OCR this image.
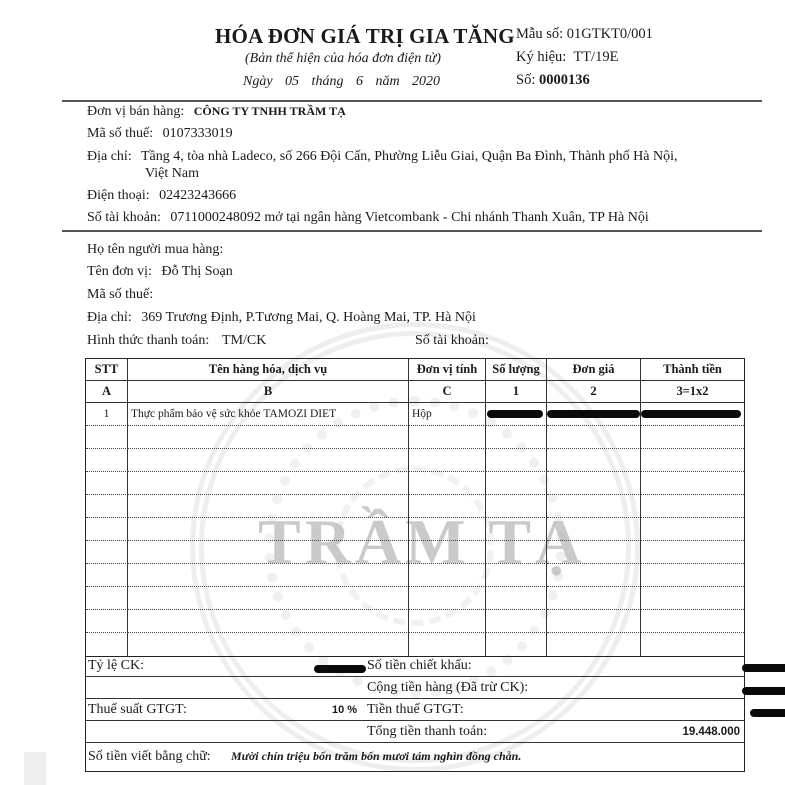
TRẦM TẠ
HÓA ĐƠN GIÁ TRỊ GIA TĂNG
(Bản thể hiện của hóa đơn điện tử)
Ngày 05 tháng 6 năm 2020
Mẫu số: 01GTKT0/001
Ký hiệu: TT/19E
Số: 0000136
Đơn vị bán hàng: CÔNG TY TNHH TRẦM TẠ
Mã số thuế: 0107333019
Địa chỉ: Tầng 4, tòa nhà Ladeco, số 266 Đội Cấn, Phường Liễu Giai, Quận Ba Đình, Thành phố Hà Nội,
Việt Nam
Điện thoại: 02423243666
Số tài khoản: 0711000248092 mở tại ngân hàng Vietcombank - Chi nhánh Thanh Xuân, TP Hà Nội
Họ tên người mua hàng:
Tên đơn vị: Đỗ Thị Soạn
Mã số thuế:
Địa chỉ: 369 Trương Định, P.Tương Mai, Q. Hoàng Mai, TP. Hà Nội
Hình thức thanh toán: TM/CK	Số tài khoản:
STT	Tên hàng hóa, dịch vụ	Đơn vị tính	Số lượng	Đơn giá	Thành tiền
A	B	C	1	2	3=1x2
1	Thực phẩm bảo vệ sức khỏe TAMOZI DIET	Hộp
Tỷ lệ CK:	Số tiền chiết khấu:
Cộng tiền hàng (Đã trừ CK):
Thuế suất GTGT:	10 % Tiền thuế GTGT:
Tổng tiền thanh toán:	19.448.000
Số tiền viết bằng chữ: Mười chín triệu bốn trăm bốn mươi tám nghìn đồng chẵn.
